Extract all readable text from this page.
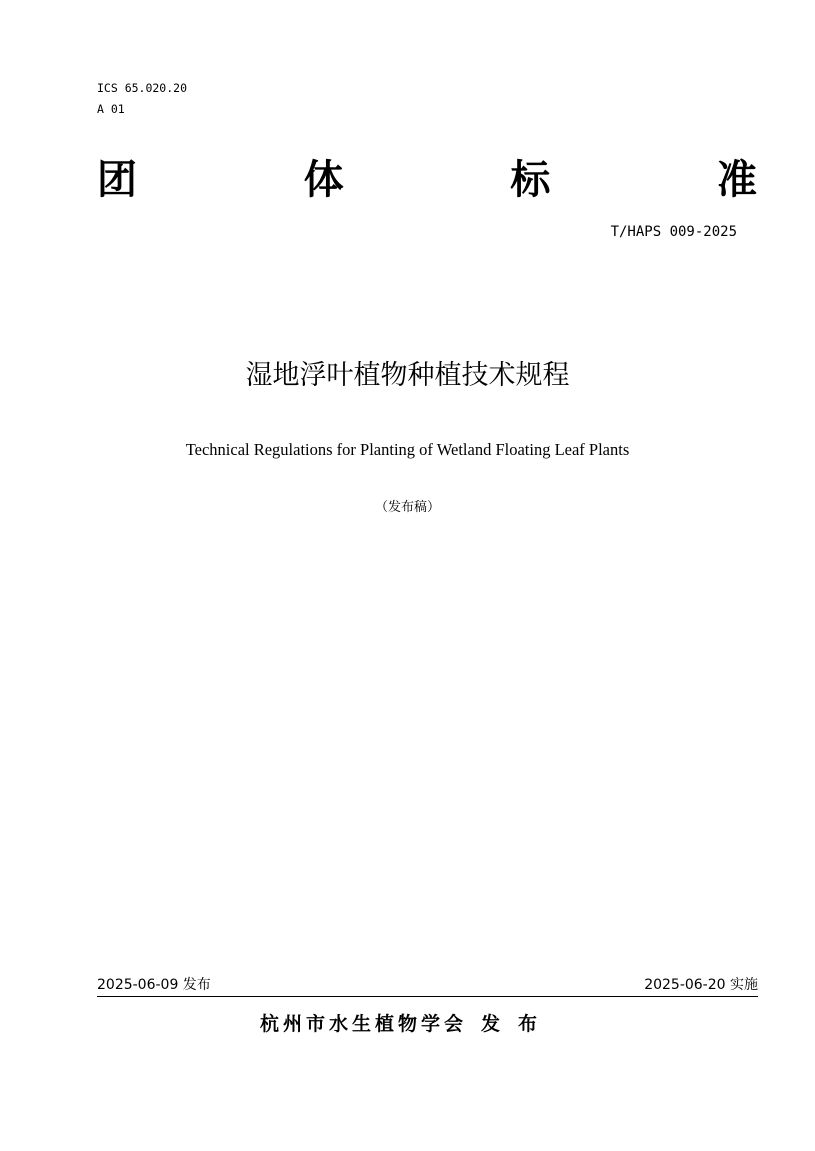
ICS 65.020.20
A 01
团	体	标	准
T/HAPS 009-2025
湿地浮叶植物种植技术规程
Technical Regulations for Planting of Wetland Floating Leaf Plants
（发布稿）
2025-06-09 发布	2025-06-20 实施
杭州市水生植物学会 发布
